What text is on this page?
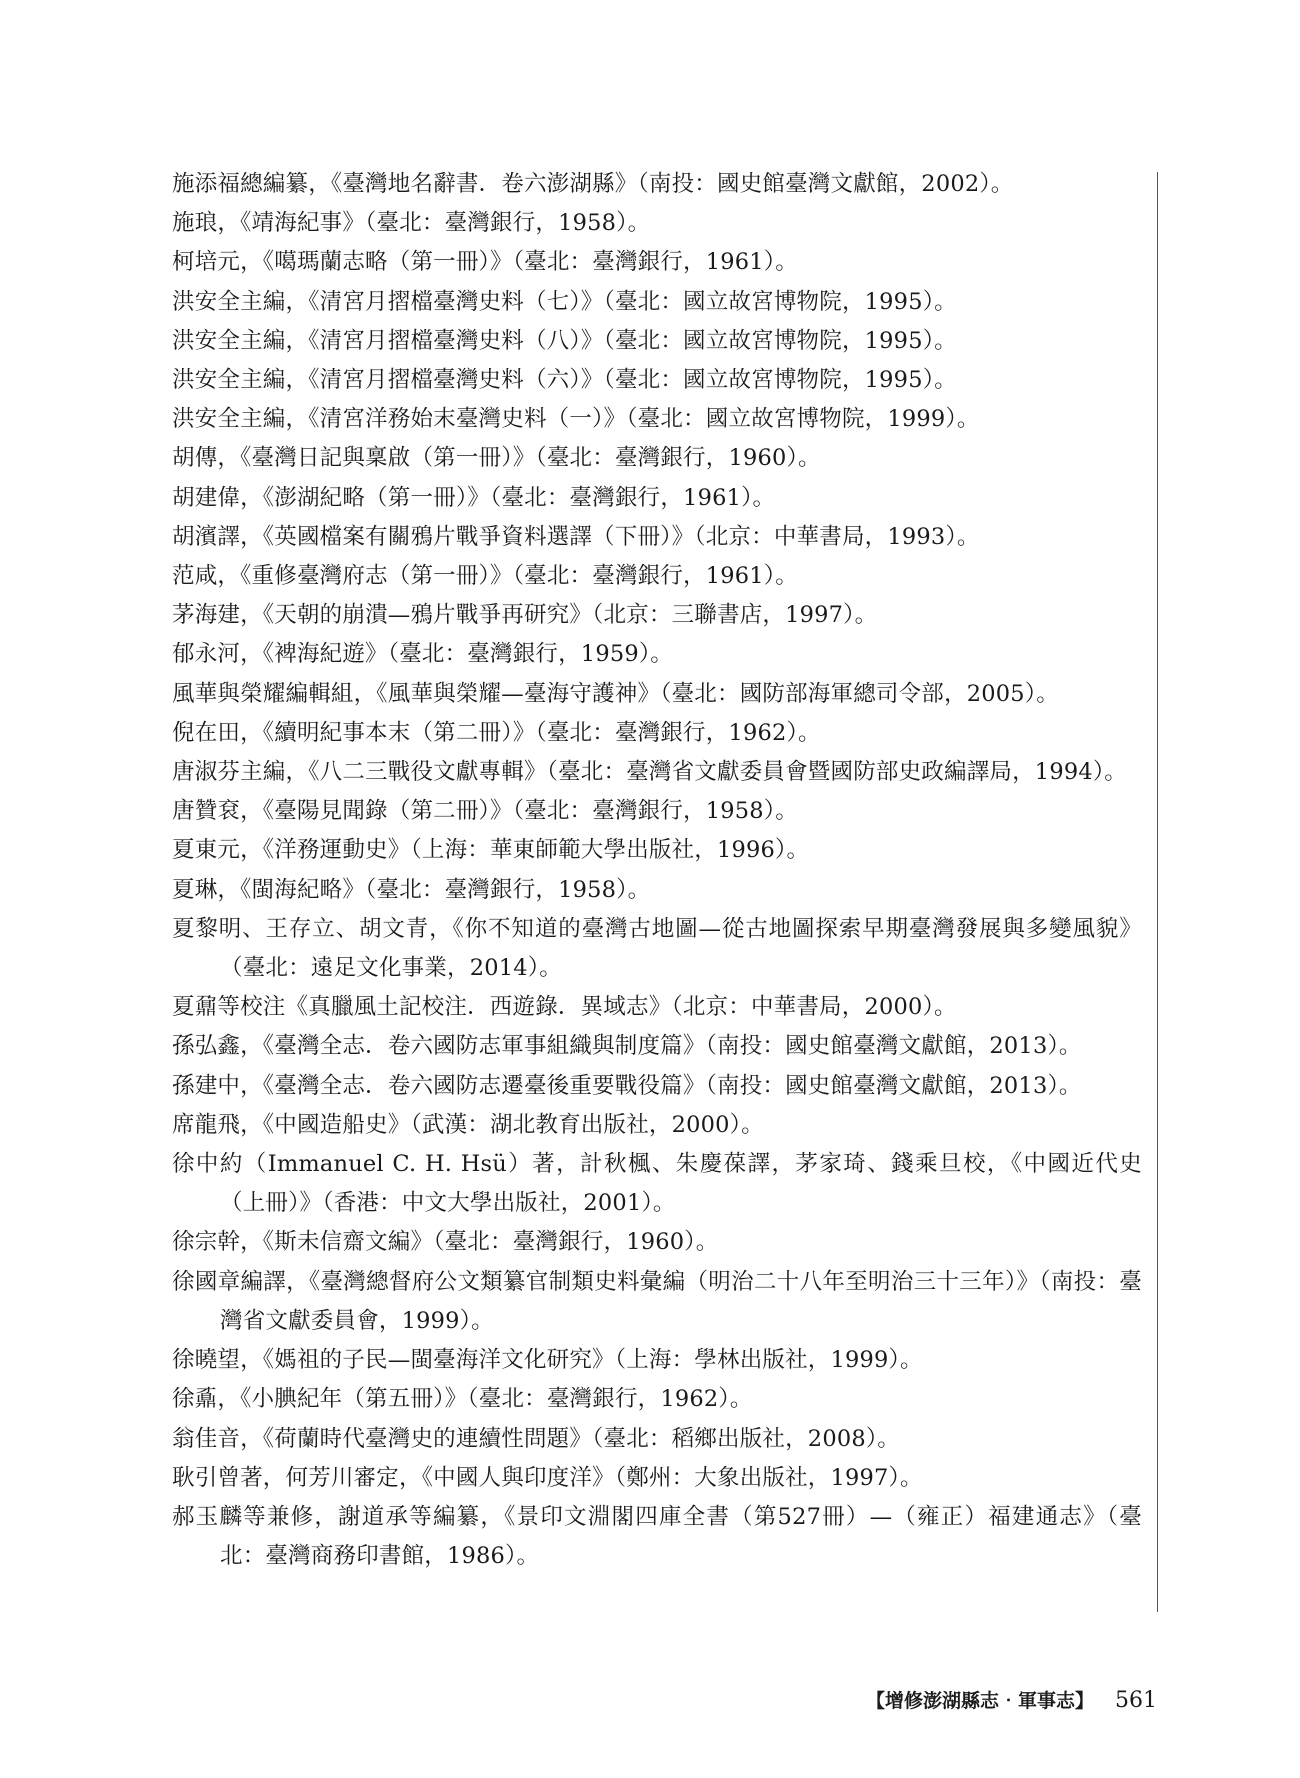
施添福總編纂，《臺灣地名辭書．卷六澎湖縣》（南投：國史館臺灣文獻館，2002）。
施琅，《靖海紀事》（臺北：臺灣銀行，1958）。
柯培元，《噶瑪蘭志略（第一冊）》（臺北：臺灣銀行，1961）。
洪安全主編，《清宮月摺檔臺灣史料（七）》（臺北：國立故宮博物院，1995）。
洪安全主編，《清宮月摺檔臺灣史料（八）》（臺北：國立故宮博物院，1995）。
洪安全主編，《清宮月摺檔臺灣史料（六）》（臺北：國立故宮博物院，1995）。
洪安全主編，《清宮洋務始末臺灣史料（一）》（臺北：國立故宮博物院，1999）。
胡傳，《臺灣日記與稟啟（第一冊）》（臺北：臺灣銀行，1960）。
胡建偉，《澎湖紀略（第一冊）》（臺北：臺灣銀行，1961）。
胡濱譯，《英國檔案有關鴉片戰爭資料選譯（下冊）》（北京：中華書局，1993）。
范咸，《重修臺灣府志（第一冊）》（臺北：臺灣銀行，1961）。
茅海建，《天朝的崩潰—鴉片戰爭再研究》（北京：三聯書店，1997）。
郁永河，《裨海紀遊》（臺北：臺灣銀行，1959）。
風華與榮耀編輯組，《風華與榮耀—臺海守護神》（臺北：國防部海軍總司令部，2005）。
倪在田，《續明紀事本末（第二冊）》（臺北：臺灣銀行，1962）。
唐淑芬主編，《八二三戰役文獻專輯》（臺北：臺灣省文獻委員會暨國防部史政編譯局，1994）。
唐贊袞，《臺陽見聞錄（第二冊）》（臺北：臺灣銀行，1958）。
夏東元，《洋務運動史》（上海：華東師範大學出版社，1996）。
夏琳，《閩海紀略》（臺北：臺灣銀行，1958）。
夏黎明、王存立、胡文青，《你不知道的臺灣古地圖—從古地圖探索早期臺灣發展與多變風貌》（臺北：遠足文化事業，2014）。
夏鼐等校注《真臘風土記校注．西遊錄．異域志》（北京：中華書局，2000）。
孫弘鑫，《臺灣全志．卷六國防志軍事組織與制度篇》（南投：國史館臺灣文獻館，2013）。
孫建中，《臺灣全志．卷六國防志遷臺後重要戰役篇》（南投：國史館臺灣文獻館，2013）。
席龍飛，《中國造船史》（武漢：湖北教育出版社，2000）。
徐中約（Immanuel C. H. Hsü）著，計秋楓、朱慶葆譯，茅家琦、錢乘旦校，《中國近代史（上冊）》（香港：中文大學出版社，2001）。
徐宗幹，《斯未信齋文編》（臺北：臺灣銀行，1960）。
徐國章編譯，《臺灣總督府公文類纂官制類史料彙編（明治二十八年至明治三十三年）》（南投：臺灣省文獻委員會，1999）。
徐曉望，《媽祖的子民—閩臺海洋文化研究》（上海：學林出版社，1999）。
徐鼒，《小腆紀年（第五冊）》（臺北：臺灣銀行，1962）。
翁佳音，《荷蘭時代臺灣史的連續性問題》（臺北：稻鄉出版社，2008）。
耿引曾著，何芳川審定，《中國人與印度洋》（鄭州：大象出版社，1997）。
郝玉麟等兼修，謝道承等編纂，《景印文淵閣四庫全書（第527冊）—（雍正）福建通志》（臺北：臺灣商務印書館，1986）。
【增修澎湖縣志‧軍事志】 561
